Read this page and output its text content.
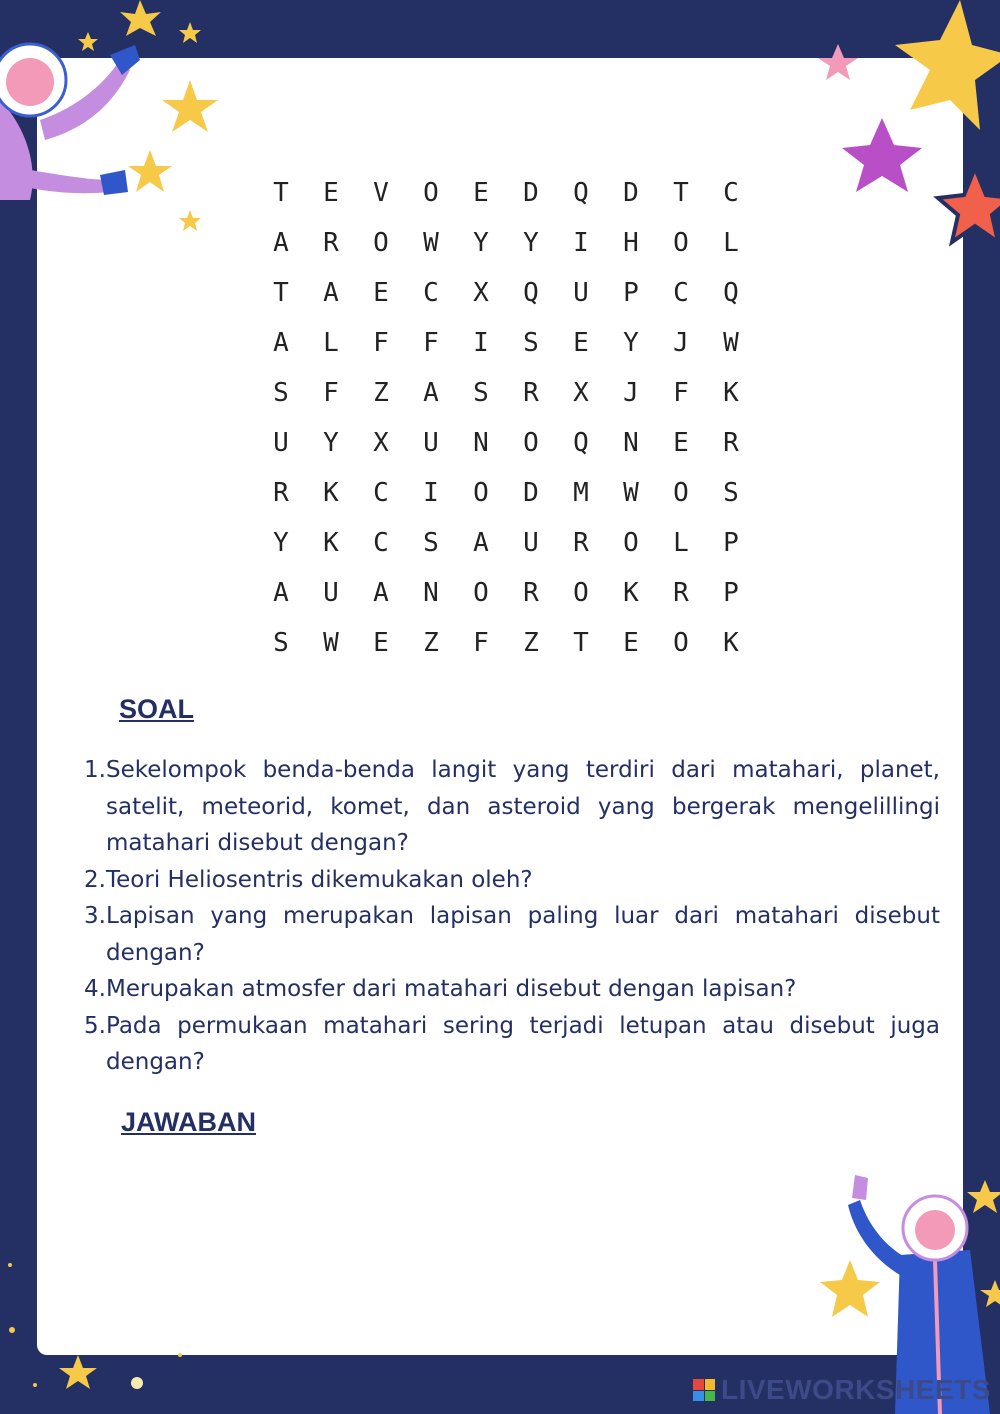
T	E	V	O	E	D	Q	D	T	C
A	R	O	W	Y	Y	I	H	O	L
T	A	E	C	X	Q	U	P	C	Q
A	L	F	F	I	S	E	Y	J	W
S	F	Z	A	S	R	X	J	F	K
U	Y	X	U	N	O	Q	N	E	R
R	K	C	I	O	D	M	W	O	S
Y	K	C	S	A	U	R	O	L	P
A	U	A	N	O	R	O	K	R	P
S	W	E	Z	F	Z	T	E	O	K
SOAL
1. Sekelompok benda-benda langit yang terdiri dari matahari, planet, satelit, meteorid, komet, dan asteroid yang bergerak mengelillingi matahari disebut dengan?
2. Teori Heliosentris dikemukakan oleh?
3. Lapisan yang merupakan lapisan paling luar dari matahari disebut dengan?
4. Merupakan atmosfer dari matahari disebut dengan lapisan?
5. Pada permukaan matahari sering terjadi letupan atau disebut juga dengan?
JAWABAN
LIVEWORKSHEETS
